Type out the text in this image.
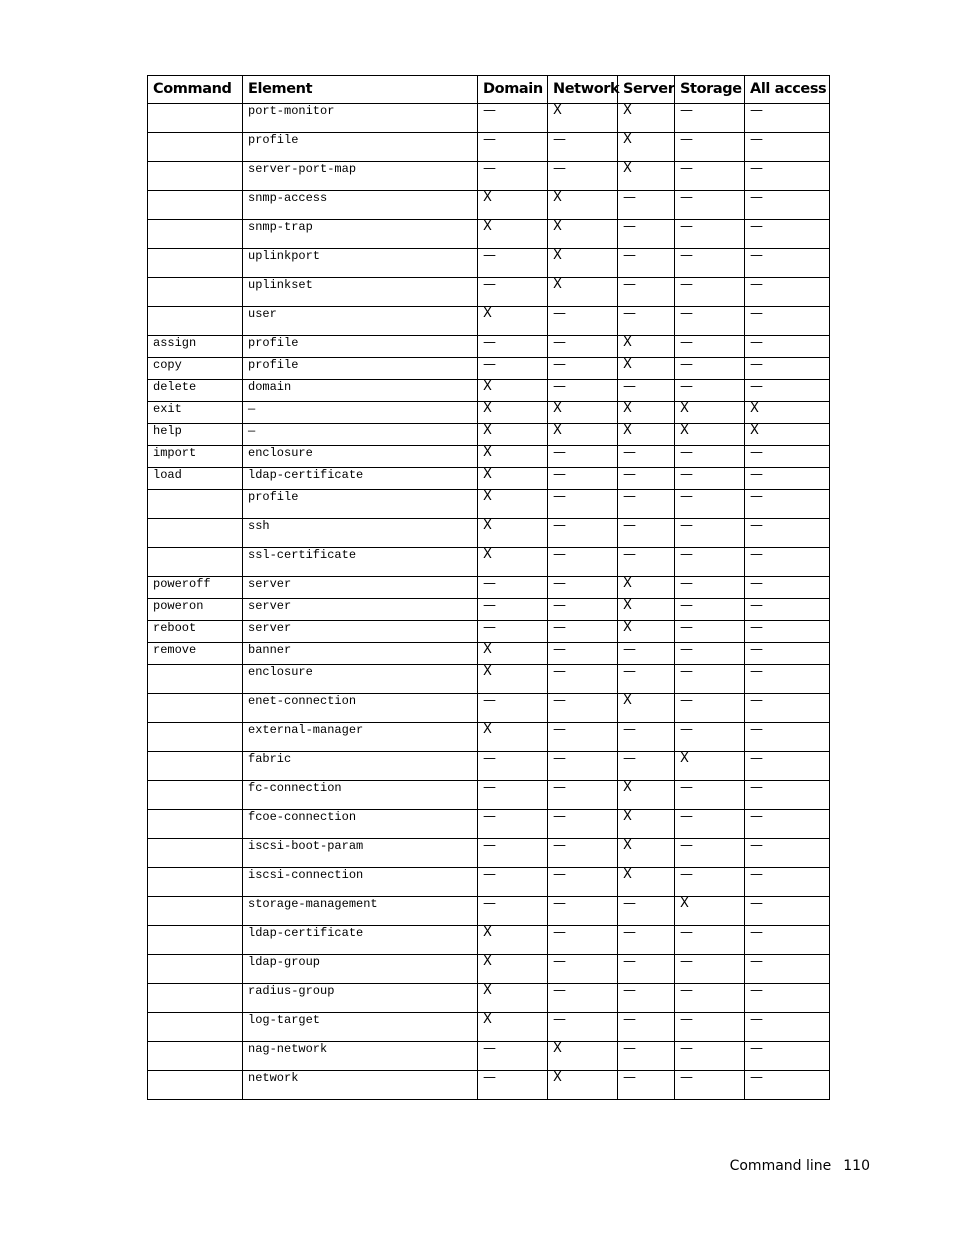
Command	Element	Domain	Network	Server	Storage	All access
	port-monitor	—	X	X	—	—
	profile	—	—	X	—	—
	server-port-map	—	—	X	—	—
	snmp-access	X	X	—	—	—
	snmp-trap	X	X	—	—	—
	uplinkport	—	X	—	—	—
	uplinkset	—	X	—	—	—
	user	X	—	—	—	—
assign	profile	—	—	X	—	—
copy	profile	—	—	X	—	—
delete	domain	X	—	—	—	—
exit	—	X	X	X	X	X
help	—	X	X	X	X	X
import	enclosure	X	—	—	—	—
load	ldap-certificate	X	—	—	—	—
	profile	X	—	—	—	—
	ssh	X	—	—	—	—
	ssl-certificate	X	—	—	—	—
poweroff	server	—	—	X	—	—
poweron	server	—	—	X	—	—
reboot	server	—	—	X	—	—
remove	banner	X	—	—	—	—
	enclosure	X	—	—	—	—
	enet-connection	—	—	X	—	—
	external-manager	X	—	—	—	—
	fabric	—	—	—	X	—
	fc-connection	—	—	X	—	—
	fcoe-connection	—	—	X	—	—
	iscsi-boot-param	—	—	X	—	—
	iscsi-connection	—	—	X	—	—
	storage-management	—	—	—	X	—
	ldap-certificate	X	—	—	—	—
	ldap-group	X	—	—	—	—
	radius-group	X	—	—	—	—
	log-target	X	—	—	—	—
	nag-network	—	X	—	—	—
	network	—	X	—	—	—
Command line 110
